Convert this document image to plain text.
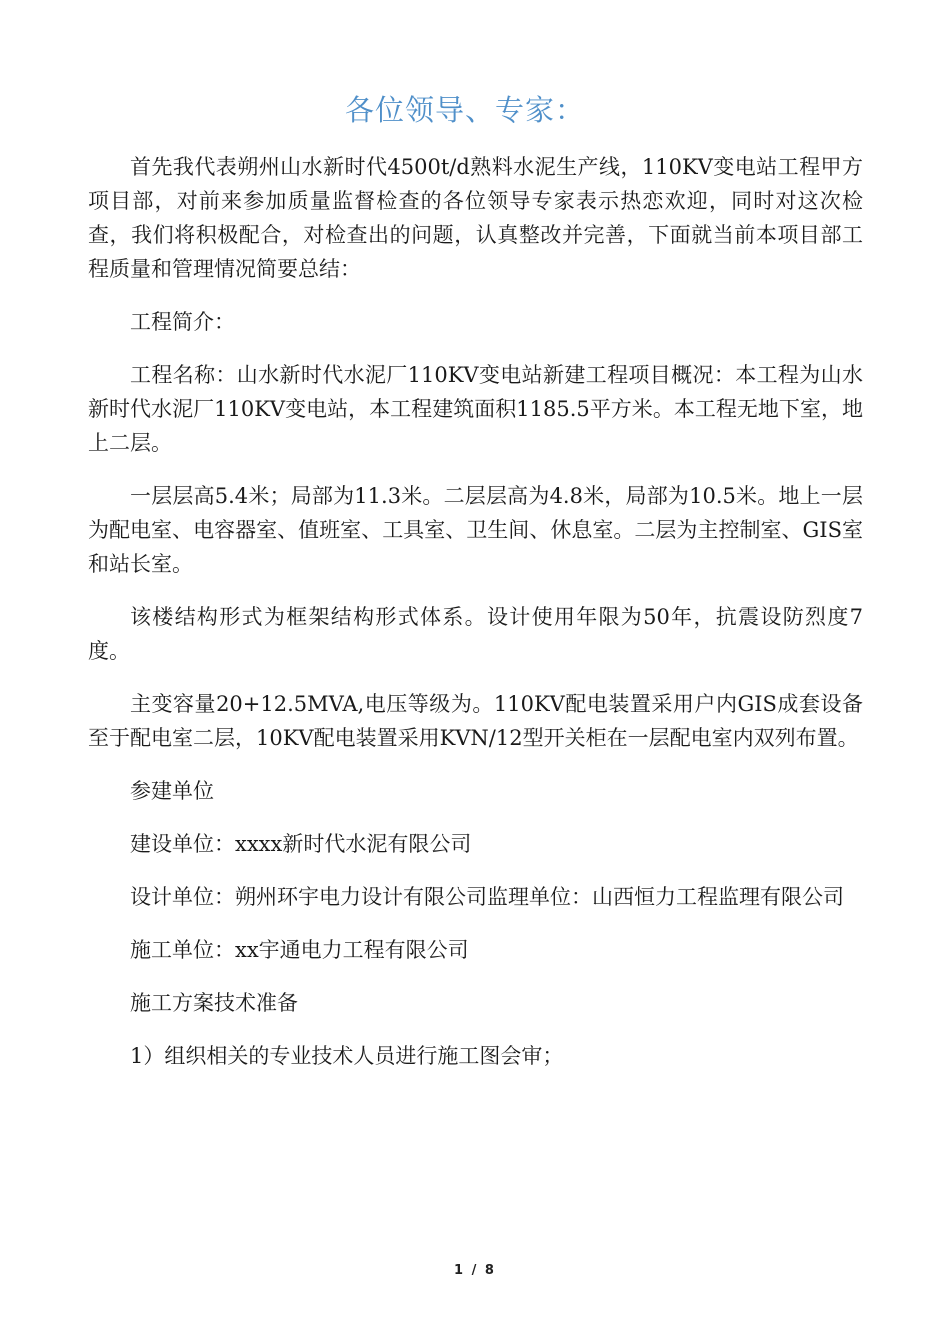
各位领导、专家：

首先我代表朔州山水新时代4500t/d熟料水泥生产线，110KV变电站工程甲方项目部，对前来参加质量监督检查的各位领导专家表示热恋欢迎，同时对这次检查，我们将积极配合，对检查出的问题，认真整改并完善，下面就当前本项目部工程质量和管理情况简要总结：

工程简介：

工程名称：山水新时代水泥厂110KV变电站新建工程项目概况：本工程为山水新时代水泥厂110KV变电站，本工程建筑面积1185.5平方米。本工程无地下室，地上二层。

一层层高5.4米；局部为11.3米。二层层高为4.8米，局部为10.5米。地上一层为配电室、电容器室、值班室、工具室、卫生间、休息室。二层为主控制室、GIS室和站长室。

该楼结构形式为框架结构形式体系。设计使用年限为50年，抗震设防烈度7度。

主变容量20+12.5MVA,电压等级为。110KV配电装置采用户内GIS成套设备至于配电室二层，10KV配电装置采用KVN/12型开关柜在一层配电室内双列布置。

参建单位

建设单位：xxxx新时代水泥有限公司

设计单位：朔州环宇电力设计有限公司监理单位：山西恒力工程监理有限公司

施工单位：xx宇通电力工程有限公司

施工方案技术准备

1）组织相关的专业技术人员进行施工图会审；

1 / 8
